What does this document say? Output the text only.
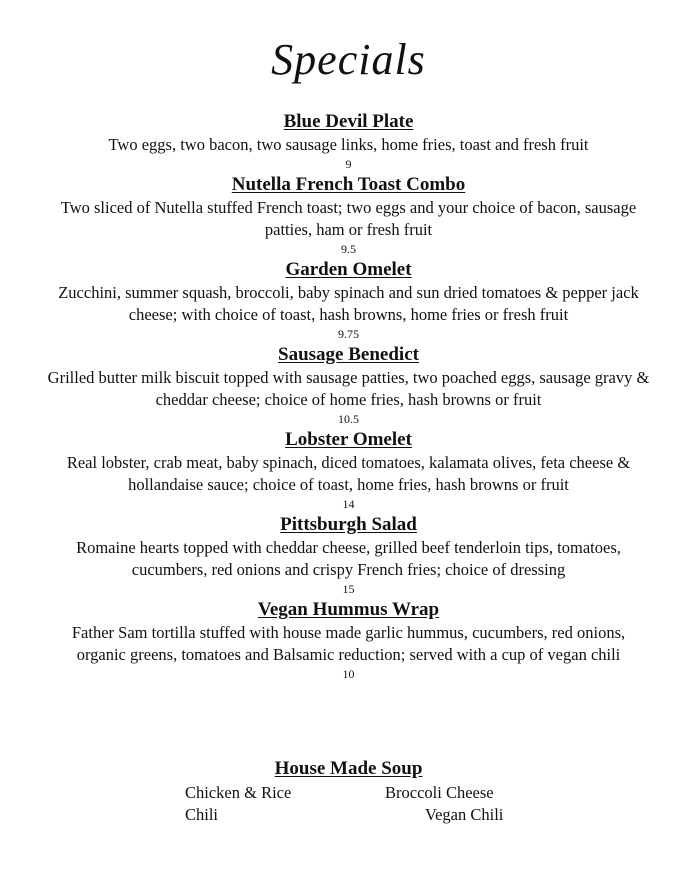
Specials
Blue Devil Plate
Two eggs, two bacon, two sausage links, home fries, toast and fresh fruit
9
Nutella French Toast Combo
Two sliced of Nutella stuffed French toast; two eggs and your choice of bacon, sausage patties, ham or fresh fruit
9.5
Garden Omelet
Zucchini, summer squash, broccoli, baby spinach and sun dried tomatoes & pepper jack cheese; with choice of toast, hash browns, home fries or fresh fruit
9.75
Sausage Benedict
Grilled butter milk biscuit topped with sausage patties, two poached eggs, sausage gravy & cheddar cheese; choice of home fries, hash browns or fruit
10.5
Lobster Omelet
Real lobster, crab meat, baby spinach, diced tomatoes, kalamata olives, feta cheese & hollandaise sauce; choice of toast, home fries, hash browns or fruit
14
Pittsburgh Salad
Romaine hearts topped with cheddar cheese, grilled beef tenderloin tips, tomatoes, cucumbers, red onions and crispy French fries; choice of dressing
15
Vegan Hummus Wrap
Father Sam tortilla stuffed with house made garlic hummus, cucumbers, red onions, organic greens, tomatoes and Balsamic reduction; served with a cup of vegan chili
10
House Made Soup
Chicken & Rice	Broccoli Cheese
Chili	Vegan Chili
